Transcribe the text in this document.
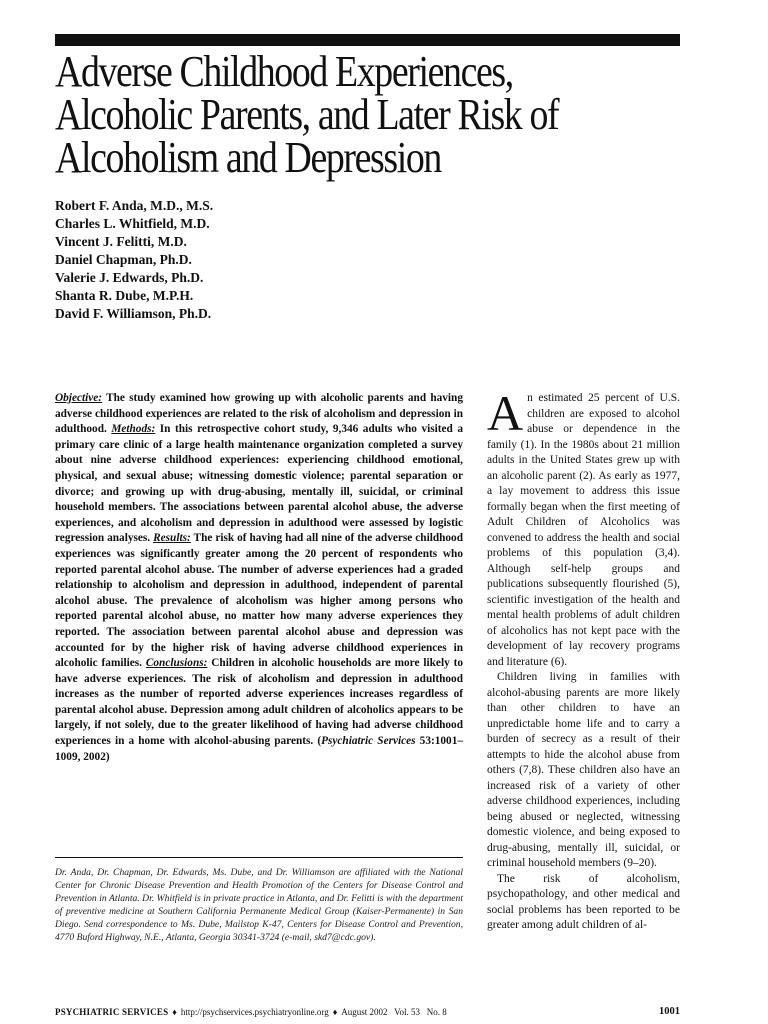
Adverse Childhood Experiences,
Alcoholic Parents, and Later Risk of
Alcoholism and Depression
Robert F. Anda, M.D., M.S.
Charles L. Whitfield, M.D.
Vincent J. Felitti, M.D.
Daniel Chapman, Ph.D.
Valerie J. Edwards, Ph.D.
Shanta R. Dube, M.P.H.
David F. Williamson, Ph.D.

Objective: The study examined how growing up with alcoholic parents and having adverse childhood experiences are related to the risk of alcoholism and depression in adulthood. Methods: In this retrospective cohort study, 9,346 adults who visited a primary care clinic of a large health maintenance organization completed a survey about nine adverse childhood experiences: experiencing childhood emotional, physical, and sexual abuse; witnessing domestic violence; parental separation or divorce; and growing up with drug-abusing, mentally ill, suicidal, or criminal household members. The associations between parental alcohol abuse, the adverse experiences, and alcoholism and depression in adulthood were assessed by logistic regression analyses. Results: The risk of having had all nine of the adverse childhood experiences was significantly greater among the 20 percent of respondents who reported parental alcohol abuse. The number of adverse experiences had a graded relationship to alcoholism and depression in adulthood, independent of parental alcohol abuse. The prevalence of alcoholism was higher among persons who reported parental alcohol abuse, no matter how many adverse experiences they reported. The association between parental alcohol abuse and depression was accounted for by the higher risk of having adverse childhood experiences in alcoholic families. Conclusions: Children in alcoholic households are more likely to have adverse experiences. The risk of alcoholism and depression in adulthood increases as the number of reported adverse experiences increases regardless of parental alcohol abuse. Depression among adult children of alcoholics appears to be largely, if not solely, due to the greater likelihood of having had adverse childhood experiences in a home with alcohol-abusing parents. (Psychiatric Services 53:1001–1009, 2002)

Dr. Anda, Dr. Chapman, Dr. Edwards, Ms. Dube, and Dr. Williamson are affiliated with the National Center for Chronic Disease Prevention and Health Promotion of the Centers for Disease Control and Prevention in Atlanta. Dr. Whitfield is in private practice in Atlanta, and Dr. Felitti is with the department of preventive medicine at Southern California Permanente Medical Group (Kaiser-Permanente) in San Diego. Send correspondence to Ms. Dube, Mailstop K-47, Centers for Disease Control and Prevention, 4770 Buford Highway, N.E., Atlanta, Georgia 30341-3724 (e-mail, skd7@cdc.gov).

An estimated 25 percent of U.S. children are exposed to alcohol abuse or dependence in the family (1). In the 1980s about 21 million adults in the United States grew up with an alcoholic parent (2). As early as 1977, a lay movement to address this issue formally began when the first meeting of Adult Children of Alcoholics was convened to address the health and social problems of this population (3,4). Although self-help groups and publications subsequently flourished (5), scientific investigation of the health and mental health problems of adult children of alcoholics has not kept pace with the development of lay recovery programs and literature (6).

Children living in families with alcohol-abusing parents are more likely than other children to have an unpredictable home life and to carry a burden of secrecy as a result of their attempts to hide the alcohol abuse from others (7,8). These children also have an increased risk of a variety of other adverse childhood experiences, including being abused or neglected, witnessing domestic violence, and being exposed to drug-abusing, mentally ill, suicidal, or criminal household members (9–20).

The risk of alcoholism, psychopathology, and other medical and social problems has been reported to be greater among adult children of al-

PSYCHIATRIC SERVICES ♦ http://psychservices.psychiatryonline.org ♦ August 2002   Vol. 53   No. 8	1001
